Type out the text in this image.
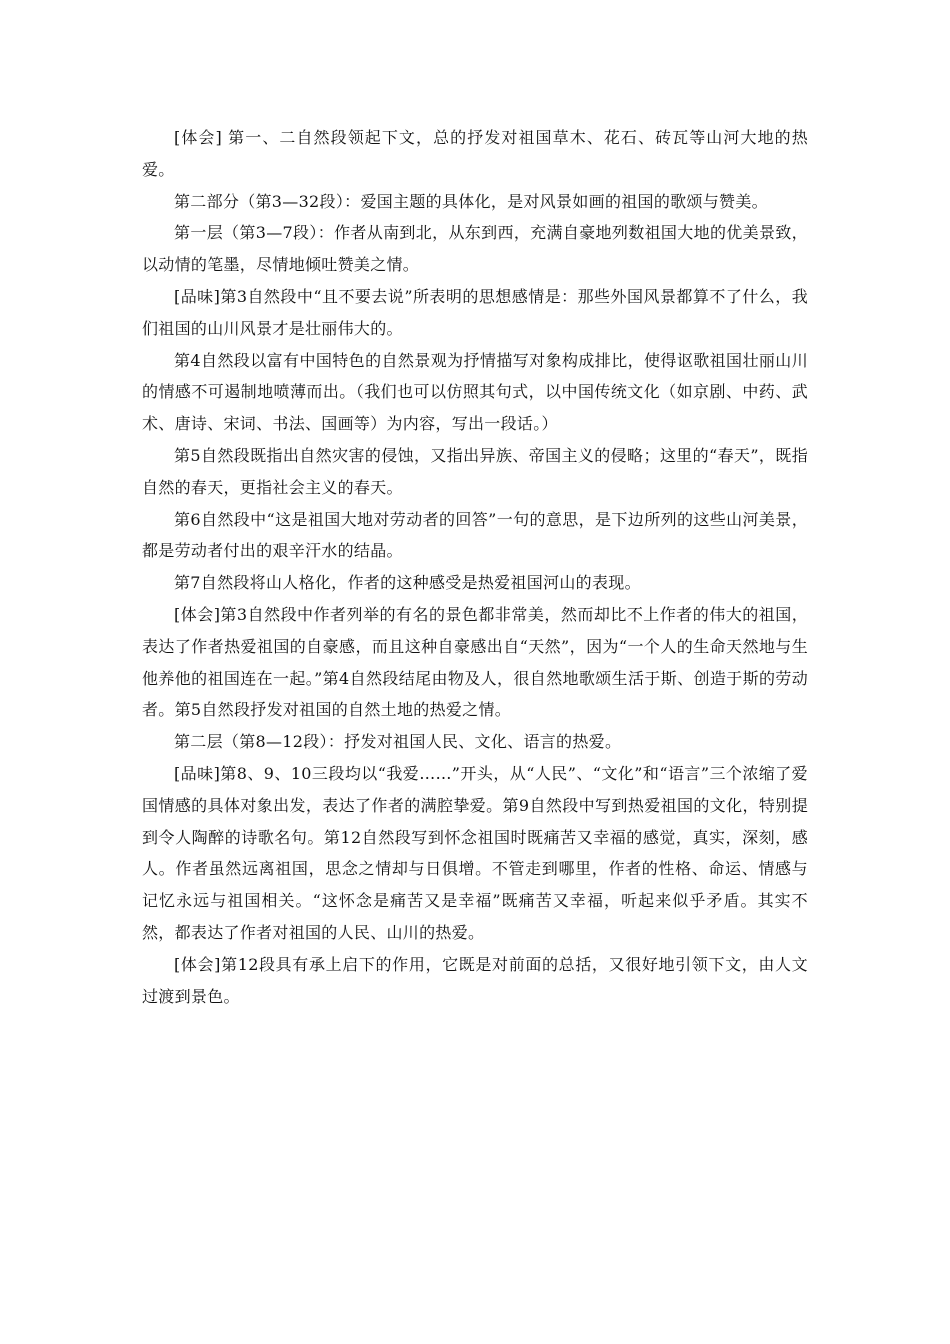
[体会] 第一、二自然段领起下文，总的抒发对祖国草木、花石、砖瓦等山河大地的热爱。

第二部分（第3—32段）：爱国主题的具体化，是对风景如画的祖国的歌颂与赞美。

第一层（第3—7段）：作者从南到北，从东到西，充满自豪地列数祖国大地的优美景致，以动情的笔墨，尽情地倾吐赞美之情。

[品味]第3自然段中“且不要去说”所表明的思想感情是：那些外国风景都算不了什么，我们祖国的山川风景才是壮丽伟大的。

第4自然段以富有中国特色的自然景观为抒情描写对象构成排比，使得讴歌祖国壮丽山川的情感不可遏制地喷薄而出。（我们也可以仿照其句式，以中国传统文化（如京剧、中药、武术、唐诗、宋词、书法、国画等）为内容，写出一段话。）

第5自然段既指出自然灾害的侵蚀，又指出异族、帝国主义的侵略；这里的“春天”，既指自然的春天，更指社会主义的春天。

第6自然段中“这是祖国大地对劳动者的回答”一句的意思，是下边所列的这些山河美景，都是劳动者付出的艰辛汗水的结晶。

第7自然段将山人格化，作者的这种感受是热爱祖国河山的表现。

[体会]第3自然段中作者列举的有名的景色都非常美，然而却比不上作者的伟大的祖国，表达了作者热爱祖国的自豪感，而且这种自豪感出自“天然”，因为“一个人的生命天然地与生他养他的祖国连在一起。”第4自然段结尾由物及人，很自然地歌颂生活于斯、创造于斯的劳动者。第5自然段抒发对祖国的自然土地的热爱之情。

第二层（第8—12段）：抒发对祖国人民、文化、语言的热爱。

[品味]第8、9、10三段均以“我爱……”开头，从“人民”、“文化”和“语言”三个浓缩了爱国情感的具体对象出发，表达了作者的满腔挚爱。第9自然段中写到热爱祖国的文化，特别提到令人陶醉的诗歌名句。第12自然段写到怀念祖国时既痛苦又幸福的感觉，真实，深刻，感人。作者虽然远离祖国，思念之情却与日俱增。不管走到哪里，作者的性格、命运、情感与记忆永远与祖国相关。“这怀念是痛苦又是幸福”既痛苦又幸福，听起来似乎矛盾。其实不然，都表达了作者对祖国的人民、山川的热爱。

[体会]第12段具有承上启下的作用，它既是对前面的总括，又很好地引领下文，由人文过渡到景色。
